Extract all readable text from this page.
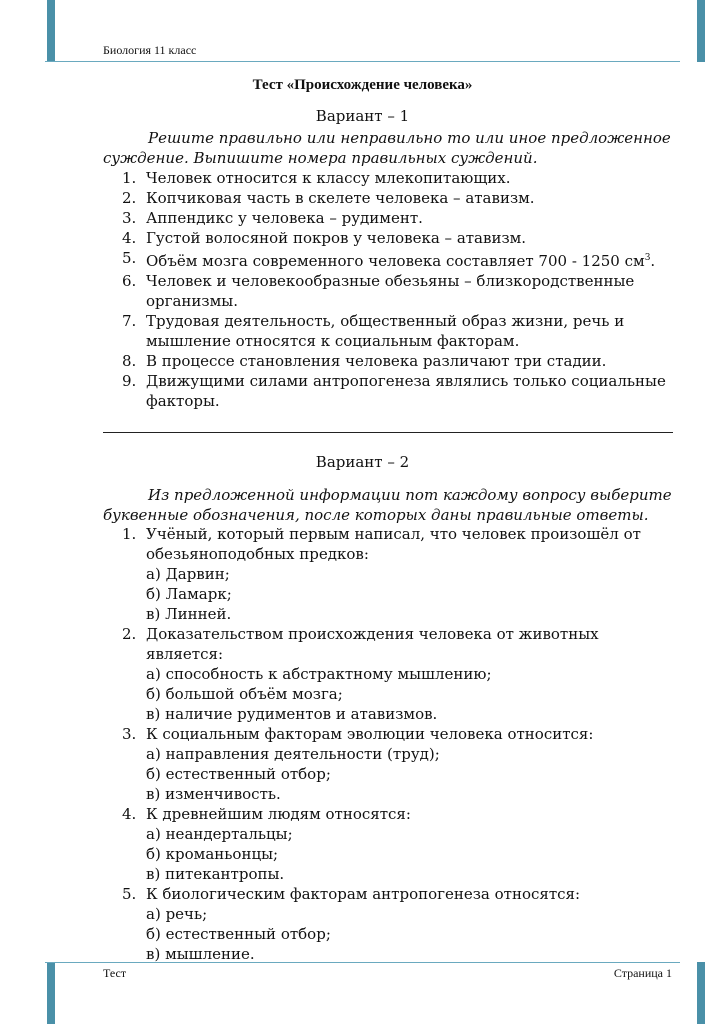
Биология 11 класс
Тест «Происхождение человека»
Вариант – 1
Решите правильно или неправильно то или иное предложенное суждение. Выпишите номера правильных суждений.
1. Человек относится к классу млекопитающих.
2. Копчиковая часть в скелете человека – атавизм.
3. Аппендикс у человека – рудимент.
4. Густой волосяной покров у человека – атавизм.
5. Объём мозга современного человека составляет 700 - 1250 $см^3$.
6. Человек и человекообразные обезьяны – близкородственные организмы.
7. Трудовая деятельность, общественный образ жизни, речь и мышление относятся к социальным факторам.
8. В процессе становления человека различают три стадии.
9. Движущими силами антропогенеза являлись только социальные факторы.
Вариант – 2
Из предложенной информации пот каждому вопросу выберите буквенные обозначения, после которых даны правильные ответы.
1. Учёный, который первым написал, что человек произошёл от обезьяноподобных предков:
а) Дарвин;
б) Ламарк;
в) Линней.
2. Доказательством происхождения человека от животных является:
а) способность к абстрактному мышлению;
б) большой объём мозга;
в) наличие рудиментов и атавизмов.
3. К социальным факторам эволюции человека относится:
а) направления деятельности (труд);
б) естественный отбор;
в) изменчивость.
4. К древнейшим людям относятся:
а) неандертальцы;
б) кроманьонцы;
в) питекантропы.
5. К биологическим факторам антропогенеза относятся:
а) речь;
б) естественный отбор;
в) мышление.
Тест	Страница 1
